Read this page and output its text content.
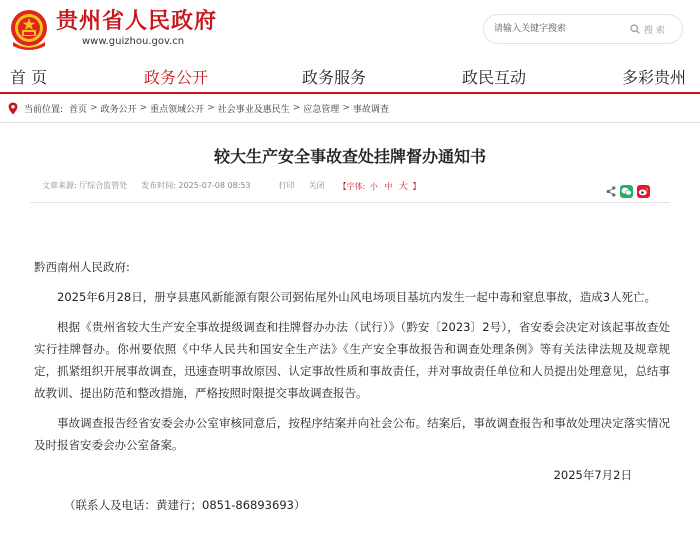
贵州省人民政府
www.guizhou.gov.cn
请输入关键字搜索
搜 索
首 页	政务公开	政务服务	政民互动	多彩贵州
当前位置: 首页 > 政务公开 > 重点领域公开 > 社会事业及惠民生 > 应急管理 > 事故调查
较大生产安全事故查处挂牌督办通知书
文章来源: 厅综合监管处 发布时间: 2025-07-08 08:53	打印 关闭 【字体: 小 中 大 】

黔西南州人民政府:

2025年6月28日，册亨县惠风新能源有限公司弼佑尾外山风电场项目基坑内发生一起中毒和窒息事故，造成3人死亡。

根据《贵州省较大生产安全事故提级调查和挂牌督办办法（试行）》（黔安〔2023〕2号），省安委会决定对该起事故查处实行挂牌督办。你州要依照《中华人民共和国安全生产法》《生产安全事故报告和调查处理条例》等有关法律法规及规章规定，抓紧组织开展事故调查，迅速查明事故原因、认定事故性质和事故责任，并对事故责任单位和人员提出处理意见，总结事故教训、提出防范和整改措施，严格按照时限提交事故调查报告。

事故调查报告经省安委会办公室审核同意后，按程序结案并向社会公布。结案后，事故调查报告和事故处理决定落实情况及时报省安委会办公室备案。

2025年7月2日

（联系人及电话：黄建行；0851-86893693）
